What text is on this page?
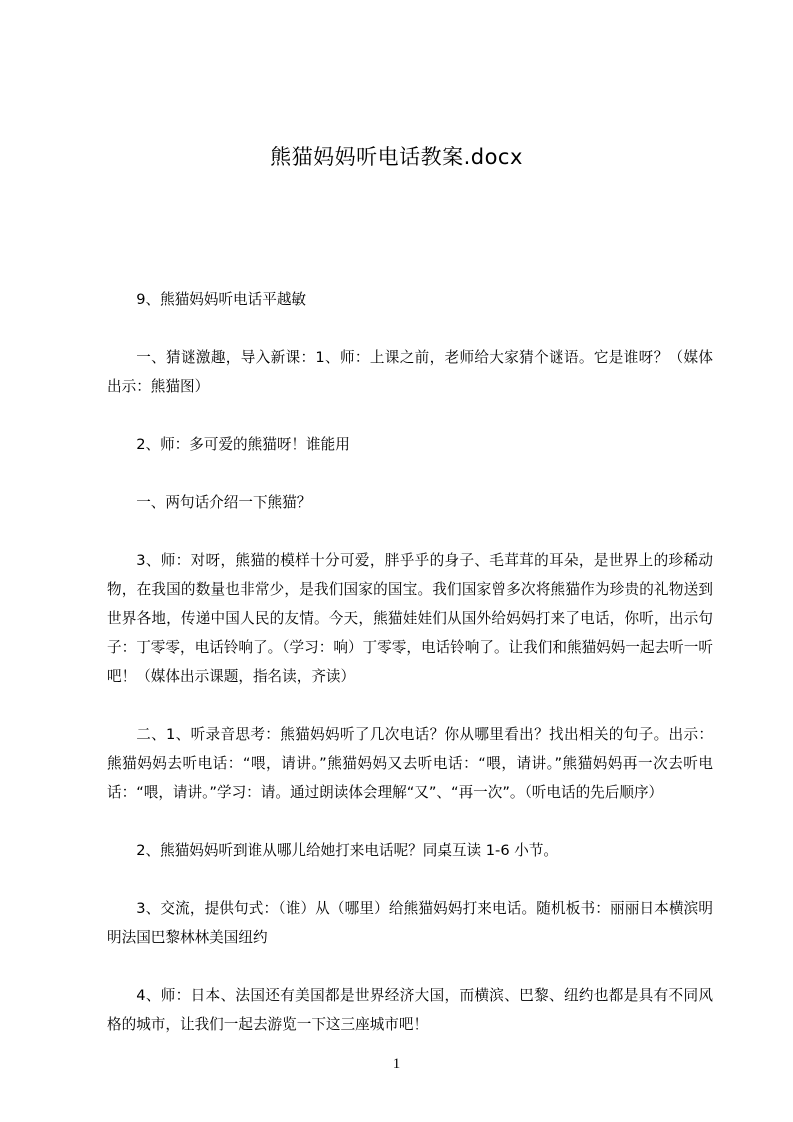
熊猫妈妈听电话教案.docx

9、熊猫妈妈听电话平越敏

一、猜谜激趣，导入新课：1、师：上课之前，老师给大家猜个谜语。它是谁呀？（媒体出示：熊猫图）

2、师：多可爱的熊猫呀！谁能用

一、两句话介绍一下熊猫？

3、师：对呀，熊猫的模样十分可爱，胖乎乎的身子、毛茸茸的耳朵，是世界上的珍稀动物，在我国的数量也非常少，是我们国家的国宝。我们国家曾多次将熊猫作为珍贵的礼物送到世界各地，传递中国人民的友情。今天，熊猫娃娃们从国外给妈妈打来了电话，你听，出示句子：丁零零，电话铃响了。（学习：响）丁零零，电话铃响了。让我们和熊猫妈妈一起去听一听吧！（媒体出示课题，指名读，齐读）

二、1、听录音思考：熊猫妈妈听了几次电话？你从哪里看出？找出相关的句子。出示：熊猫妈妈去听电话：“喂，请讲。”熊猫妈妈又去听电话：“喂，请讲。”熊猫妈妈再一次去听电话：“喂，请讲。”学习：请。通过朗读体会理解“又”、“再一次”。（听电话的先后顺序）

2、熊猫妈妈听到谁从哪儿给她打来电话呢？同桌互读 1-6 小节。

3、交流，提供句式：（谁）从（哪里）给熊猫妈妈打来电话。随机板书：丽丽日本横滨明明法国巴黎林林美国纽约

4、师：日本、法国还有美国都是世界经济大国，而横滨、巴黎、纽约也都是具有不同风格的城市，让我们一起去游览一下这三座城市吧！

1
